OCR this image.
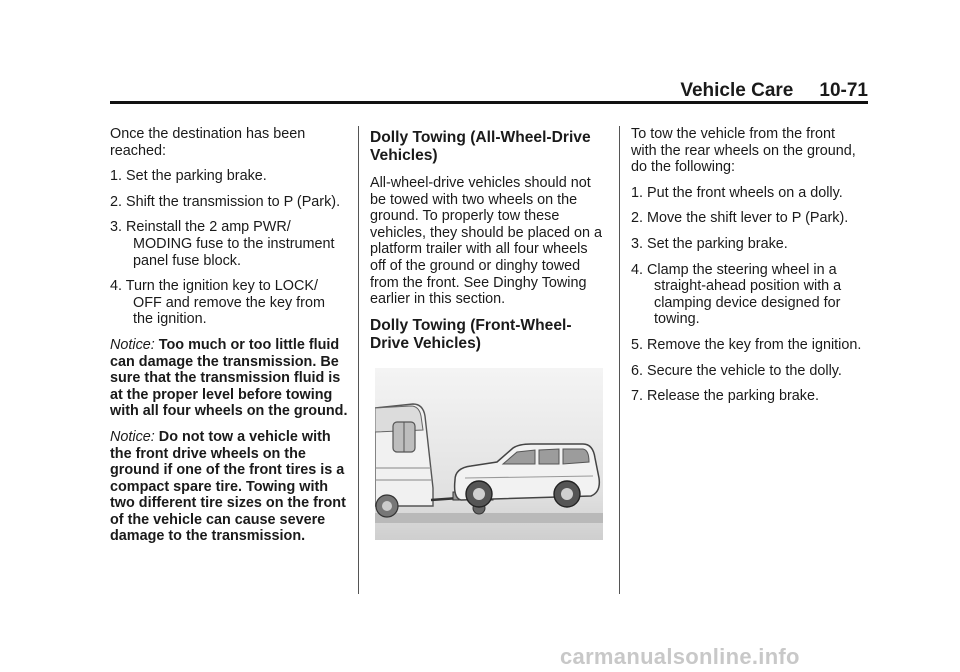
Vehicle Care 10-71

Once the destination has been reached:

1. Set the parking brake.

2. Shift the transmission to P (Park).

3. Reinstall the 2 amp PWR/ MODING fuse to the instrument panel fuse block.

4. Turn the ignition key to LOCK/ OFF and remove the key from the ignition.

Notice: Too much or too little fluid can damage the transmission. Be sure that the transmission fluid is at the proper level before towing with all four wheels on the ground.

Notice: Do not tow a vehicle with the front drive wheels on the ground if one of the front tires is a compact spare tire. Towing with two different tire sizes on the front of the vehicle can cause severe damage to the transmission.

Dolly Towing (All-Wheel-Drive Vehicles)

All-wheel-drive vehicles should not be towed with two wheels on the ground. To properly tow these vehicles, they should be placed on a platform trailer with all four wheels off of the ground or dinghy towed from the front. See Dinghy Towing earlier in this section.

Dolly Towing (Front-Wheel-Drive Vehicles)

To tow the vehicle from the front with the rear wheels on the ground, do the following:

1. Put the front wheels on a dolly.

2. Move the shift lever to P (Park).

3. Set the parking brake.

4. Clamp the steering wheel in a straight-ahead position with a clamping device designed for towing.

5. Remove the key from the ignition.

6. Secure the vehicle to the dolly.

7. Release the parking brake.

carmanualsonline.info
